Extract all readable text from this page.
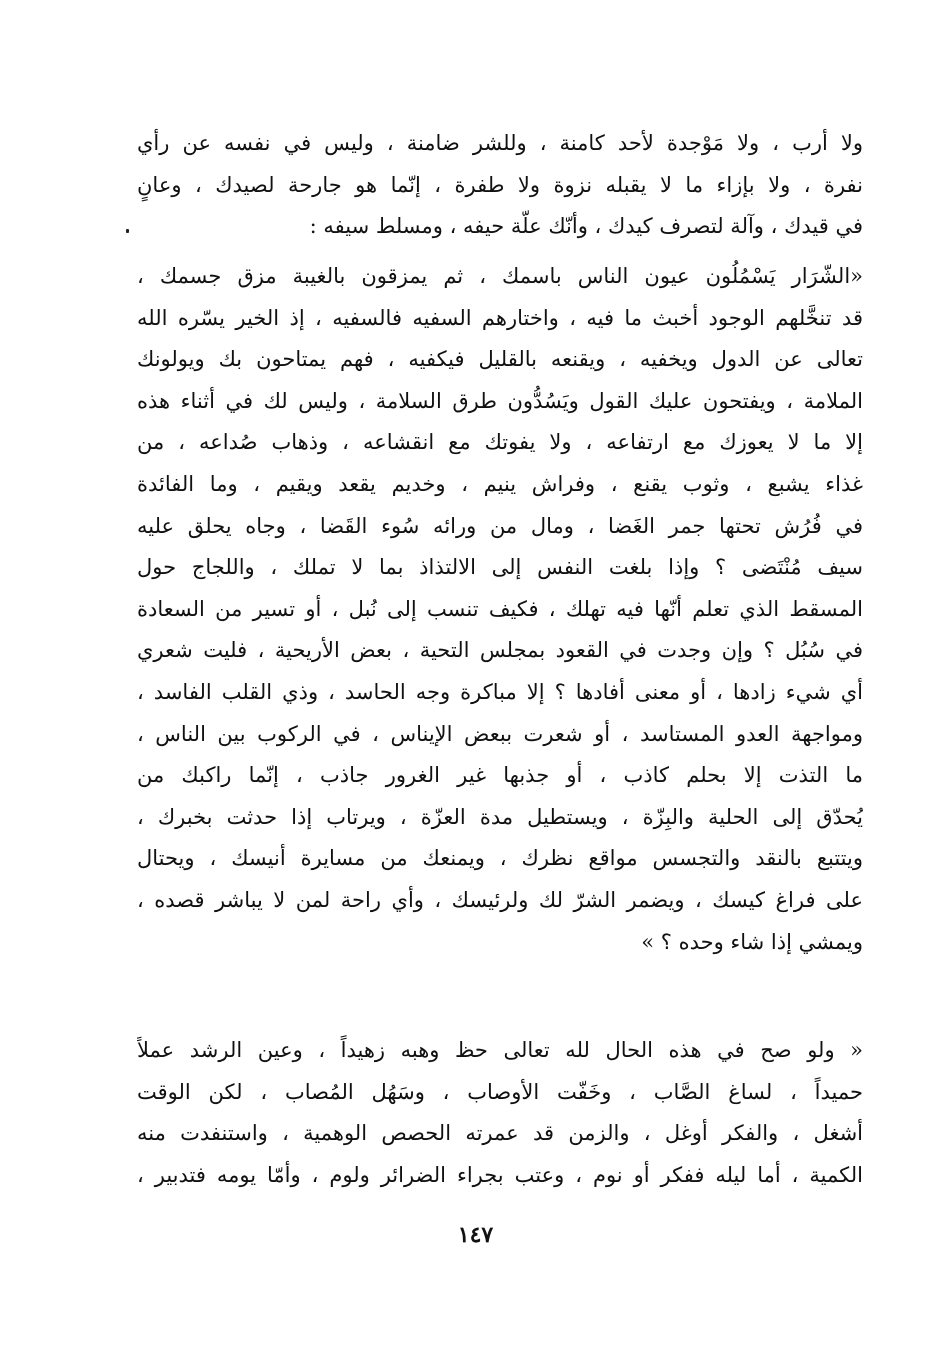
ولا أرب ، ولا مَوْجدة لأحد كامنة ، وللشر ضامنة ، وليس في نفسه عن رأي
نفرة ، ولا بإزاء ما لا يقبله نزوة ولا طفرة ، إنّما هو جارحة لصيدك ، وعانٍ
في قيدك ، وآلة لتصرف كيدك ، وأنّك علّة حيفه ، ومسلط سيفه :
«الشّرَار يَسْمُلُون عيون الناس باسمك ، ثم يمزقون بالغيبة مزق جسمك ،
قد تنخَّلهم الوجود أخبث ما فيه ، واختارهم السفيه فالسفيه ، إذ الخير يسّره الله
تعالى عن الدول ويخفيه ، ويقنعه بالقليل فيكفيه ، فهم يمتاحون بك ويولونك
الملامة ، ويفتحون عليك القول ويَسُدُّون طرق السلامة ، وليس لك في أثناء هذه
إلا ما لا يعوزك مع ارتفاعه ، ولا يفوتك مع انقشاعه ، وذهاب صُداعه ، من
غذاء يشبع ، وثوب يقنع ، وفراش ينيم ، وخديم يقعد ويقيم ، وما الفائدة
في فُرُش تحتها جمر الغَضا ، ومال من ورائه سُوء القَضا ، وجاه يحلق عليه
سيف مُنْتَضى ؟ وإذا بلغت النفس إلى الالتذاذ بما لا تملك ، واللجاج حول
المسقط الذي تعلم أنّها فيه تهلك ، فكيف تنسب إلى نُبل ، أو تسير من السعادة
في سُبُل ؟ وإن وجدت في القعود بمجلس التحية ، بعض الأريحية ، فليت شعري
أي شيء زادها ، أو معنى أفادها ؟ إلا مباكرة وجه الحاسد ، وذي القلب الفاسد ،
ومواجهة العدو المستاسد ، أو شعرت ببعض الإيناس ، في الركوب بين الناس ،
ما التذت إلا بحلم كاذب ، أو جذبها غير الغرور جاذب ، إنّما راكبك من
يُحدّق إلى الحلية والبِزّة ، ويستطيل مدة العزّة ، ويرتاب إذا حدثت بخبرك ،
ويتتبع بالنقد والتجسس مواقع نظرك ، ويمنعك من مسايرة أنيسك ، ويحتال
على فراغ كيسك ، ويضمر الشرّ لك ولرئيسك ، وأي راحة لمن لا يباشر قصده ،
ويمشي إذا شاء وحده ؟ »
« ولو صح في هذه الحال لله تعالى حظ وهبه زهيداً ، وعين الرشد عملاً
حميداً ، لساغ الصَّاب ، وخَفّت الأوصاب ، وسَهُل المُصاب ، لكن الوقت
أشغل ، والفكر أوغل ، والزمن قد عمرته الحصص الوهمية ، واستنفدت منه
الكمية ، أما ليله ففكر أو نوم ، وعتب بجراء الضرائر ولوم ، وأمّا يومه فتدبير ،
١٤٧
